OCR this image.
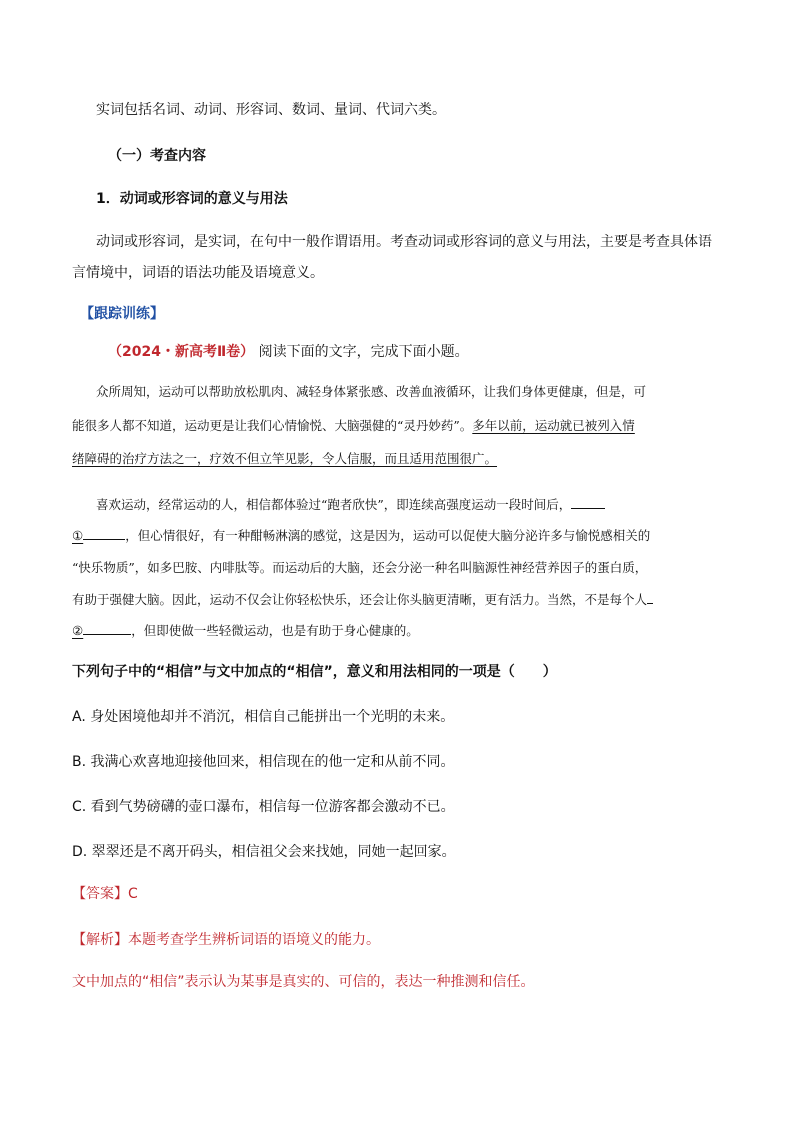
实词包括名词、动词、形容词、数词、量词、代词六类。
（一）考查内容
1．动词或形容词的意义与用法
动词或形容词，是实词，在句中一般作谓语用。考查动词或形容词的意义与用法，主要是考查具体语
言情境中，词语的语法功能及语境意义。
【跟踪训练】
（2024・新高考Ⅱ卷） 阅读下面的文字，完成下面小题。
众所周知，运动可以帮助放松肌肉、减轻身体紧张感、改善血液循环，让我们身体更健康，但是，可
能很多人都不知道，运动更是让我们心情愉悦、大脑强健的“灵丹妙药”。多年以前，运动就已被列入情
绪障碍的治疗方法之一，疗效不但立竿见影，令人信服，而且适用范围很广。
喜欢运动，经常运动的人，相信都体验过“跑者欣快”，即连续高强度运动一段时间后，
①	，但心情很好，有一种酣畅淋漓的感觉，这是因为，运动可以促使大脑分泌许多与愉悦感相关的
“快乐物质”，如多巴胺、内啡肽等。而运动后的大脑，还会分泌一种名叫脑源性神经营养因子的蛋白质，
有助于强健大脑。因此，运动不仅会让你轻松快乐，还会让你头脑更清晰，更有活力。当然，不是每个人
②	，但即使做一些轻微运动，也是有助于身心健康的。
下列句子中的“相信”与文中加点的“相信”，意义和用法相同的一项是（　　）
A. 身处困境他却并不消沉，相信自己能拼出一个光明的未来。
B. 我满心欢喜地迎接他回来，相信现在的他一定和从前不同。
C. 看到气势磅礴的壶口瀑布，相信每一位游客都会激动不已。
D. 翠翠还是不离开码头，相信祖父会来找她，同她一起回家。
【答案】C
【解析】本题考查学生辨析词语的语境义的能力。
文中加点的“相信”表示认为某事是真实的、可信的，表达一种推测和信任。
